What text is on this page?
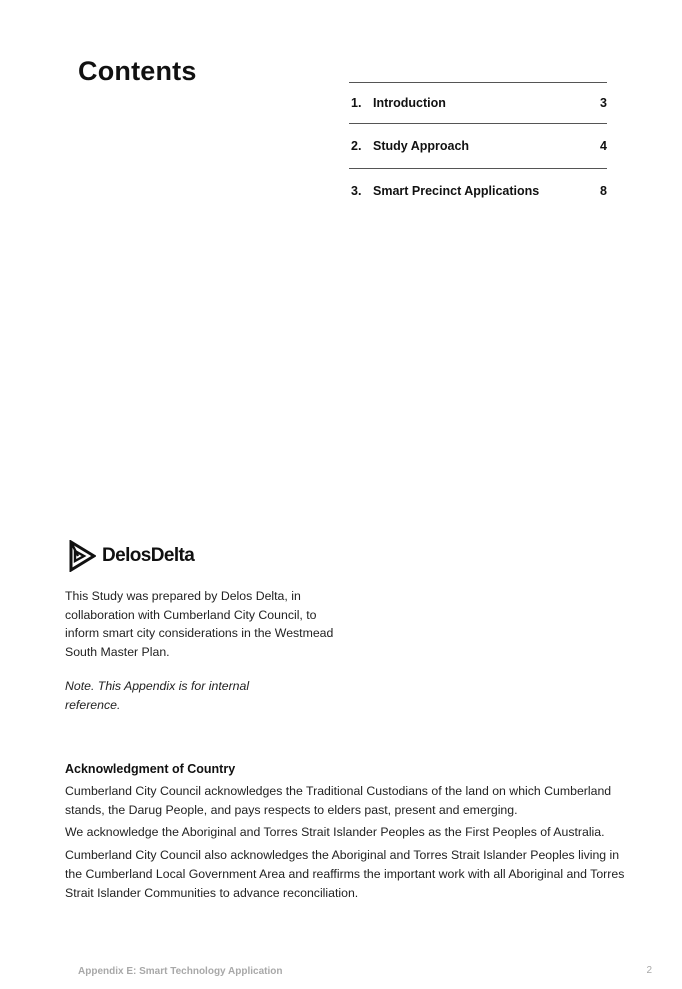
Contents
1. Introduction	3
2. Study Approach	4
3. Smart Precinct Applications	8
DelosDelta
This Study was prepared by Delos Delta, in collaboration with Cumberland City Council, to inform smart city considerations in the Westmead South Master Plan.
Note. This Appendix is for internal reference.
Acknowledgment of Country

Cumberland City Council acknowledges the Traditional Custodians of the land on which Cumberland stands, the Darug People, and pays respects to elders past, present and emerging.

We acknowledge the Aboriginal and Torres Strait Islander Peoples as the First Peoples of Australia.

Cumberland City Council also acknowledges the Aboriginal and Torres Strait Islander Peoples living in the Cumberland Local Government Area and reaffirms the important work with all Aboriginal and Torres Strait Islander Communities to advance reconciliation.

Appendix E: Smart Technology Application	2
